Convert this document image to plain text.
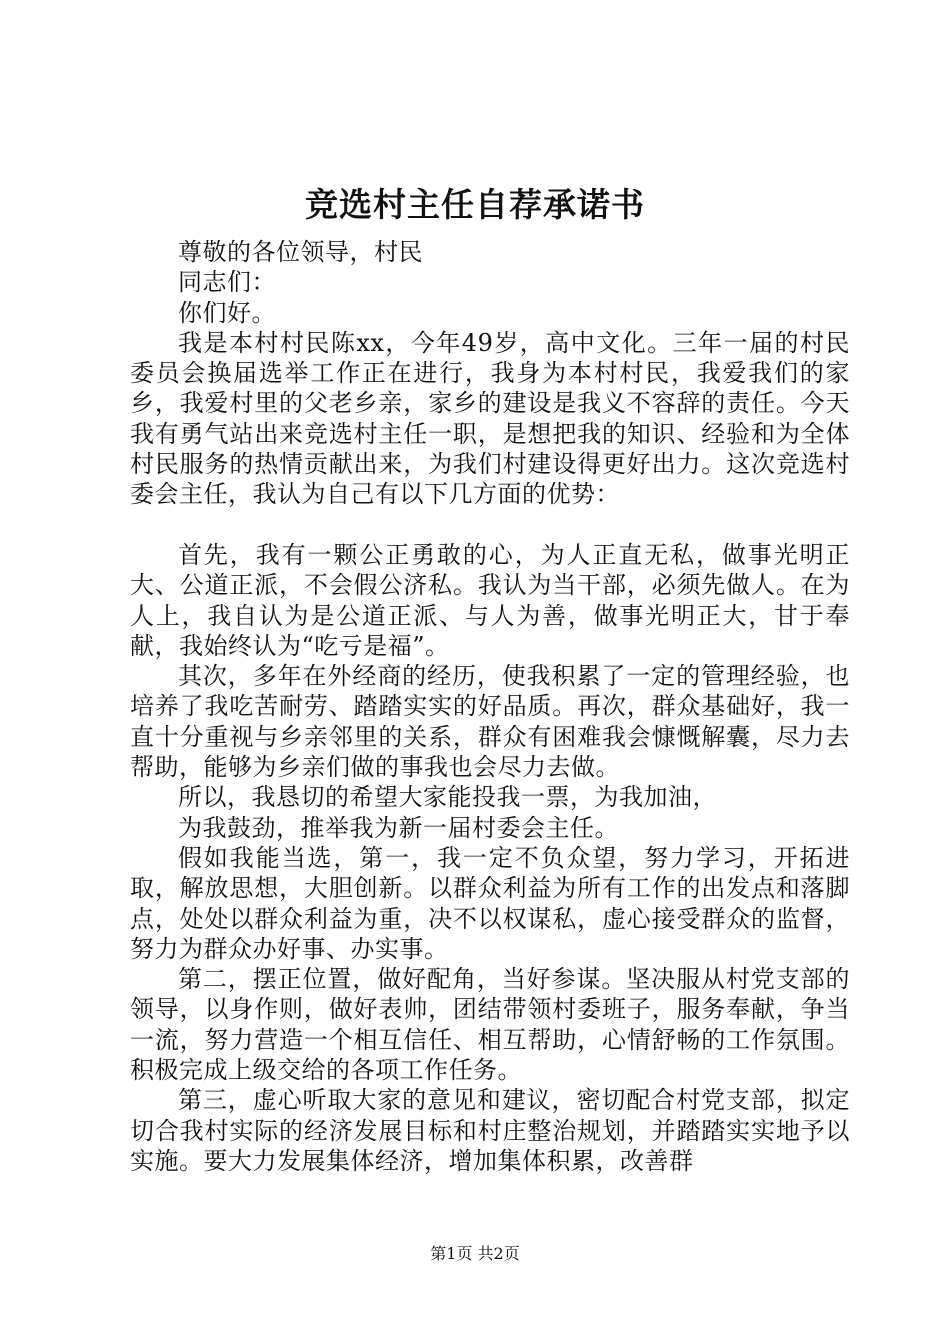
竞选村主任自荐承诺书

尊敬的各位领导，村民

同志们：

你们好。

我是本村村民陈xx，今年49岁，高中文化。三年一届的村民委员会换届选举工作正在进行，我身为本村村民，我爱我们的家乡，我爱村里的父老乡亲，家乡的建设是我义不容辞的责任。今天我有勇气站出来竞选村主任一职，是想把我的知识、经验和为全体村民服务的热情贡献出来，为我们村建设得更好出力。这次竞选村委会主任，我认为自己有以下几方面的优势：

首先，我有一颗公正勇敢的心，为人正直无私，做事光明正大、公道正派，不会假公济私。我认为当干部，必须先做人。在为人上，我自认为是公道正派、与人为善，做事光明正大，甘于奉献，我始终认为“吃亏是福”。

其次，多年在外经商的经历，使我积累了一定的管理经验，也培养了我吃苦耐劳、踏踏实实的好品质。再次，群众基础好，我一直十分重视与乡亲邻里的关系，群众有困难我会慷慨解囊，尽力去帮助，能够为乡亲们做的事我也会尽力去做。

所以，我恳切的希望大家能投我一票，为我加油，

为我鼓劲，推举我为新一届村委会主任。

假如我能当选，第一，我一定不负众望，努力学习，开拓进取，解放思想，大胆创新。以群众利益为所有工作的出发点和落脚点，处处以群众利益为重，决不以权谋私，虚心接受群众的监督，努力为群众办好事、办实事。

第二，摆正位置，做好配角，当好参谋。坚决服从村党支部的领导，以身作则，做好表帅，团结带领村委班子，服务奉献，争当一流，努力营造一个相互信任、相互帮助，心情舒畅的工作氛围。积极完成上级交给的各项工作任务。

第三，虚心听取大家的意见和建议，密切配合村党支部，拟定切合我村实际的经济发展目标和村庄整治规划，并踏踏实实地予以实施。要大力发展集体经济，增加集体积累，改善群

第1页 共2页
